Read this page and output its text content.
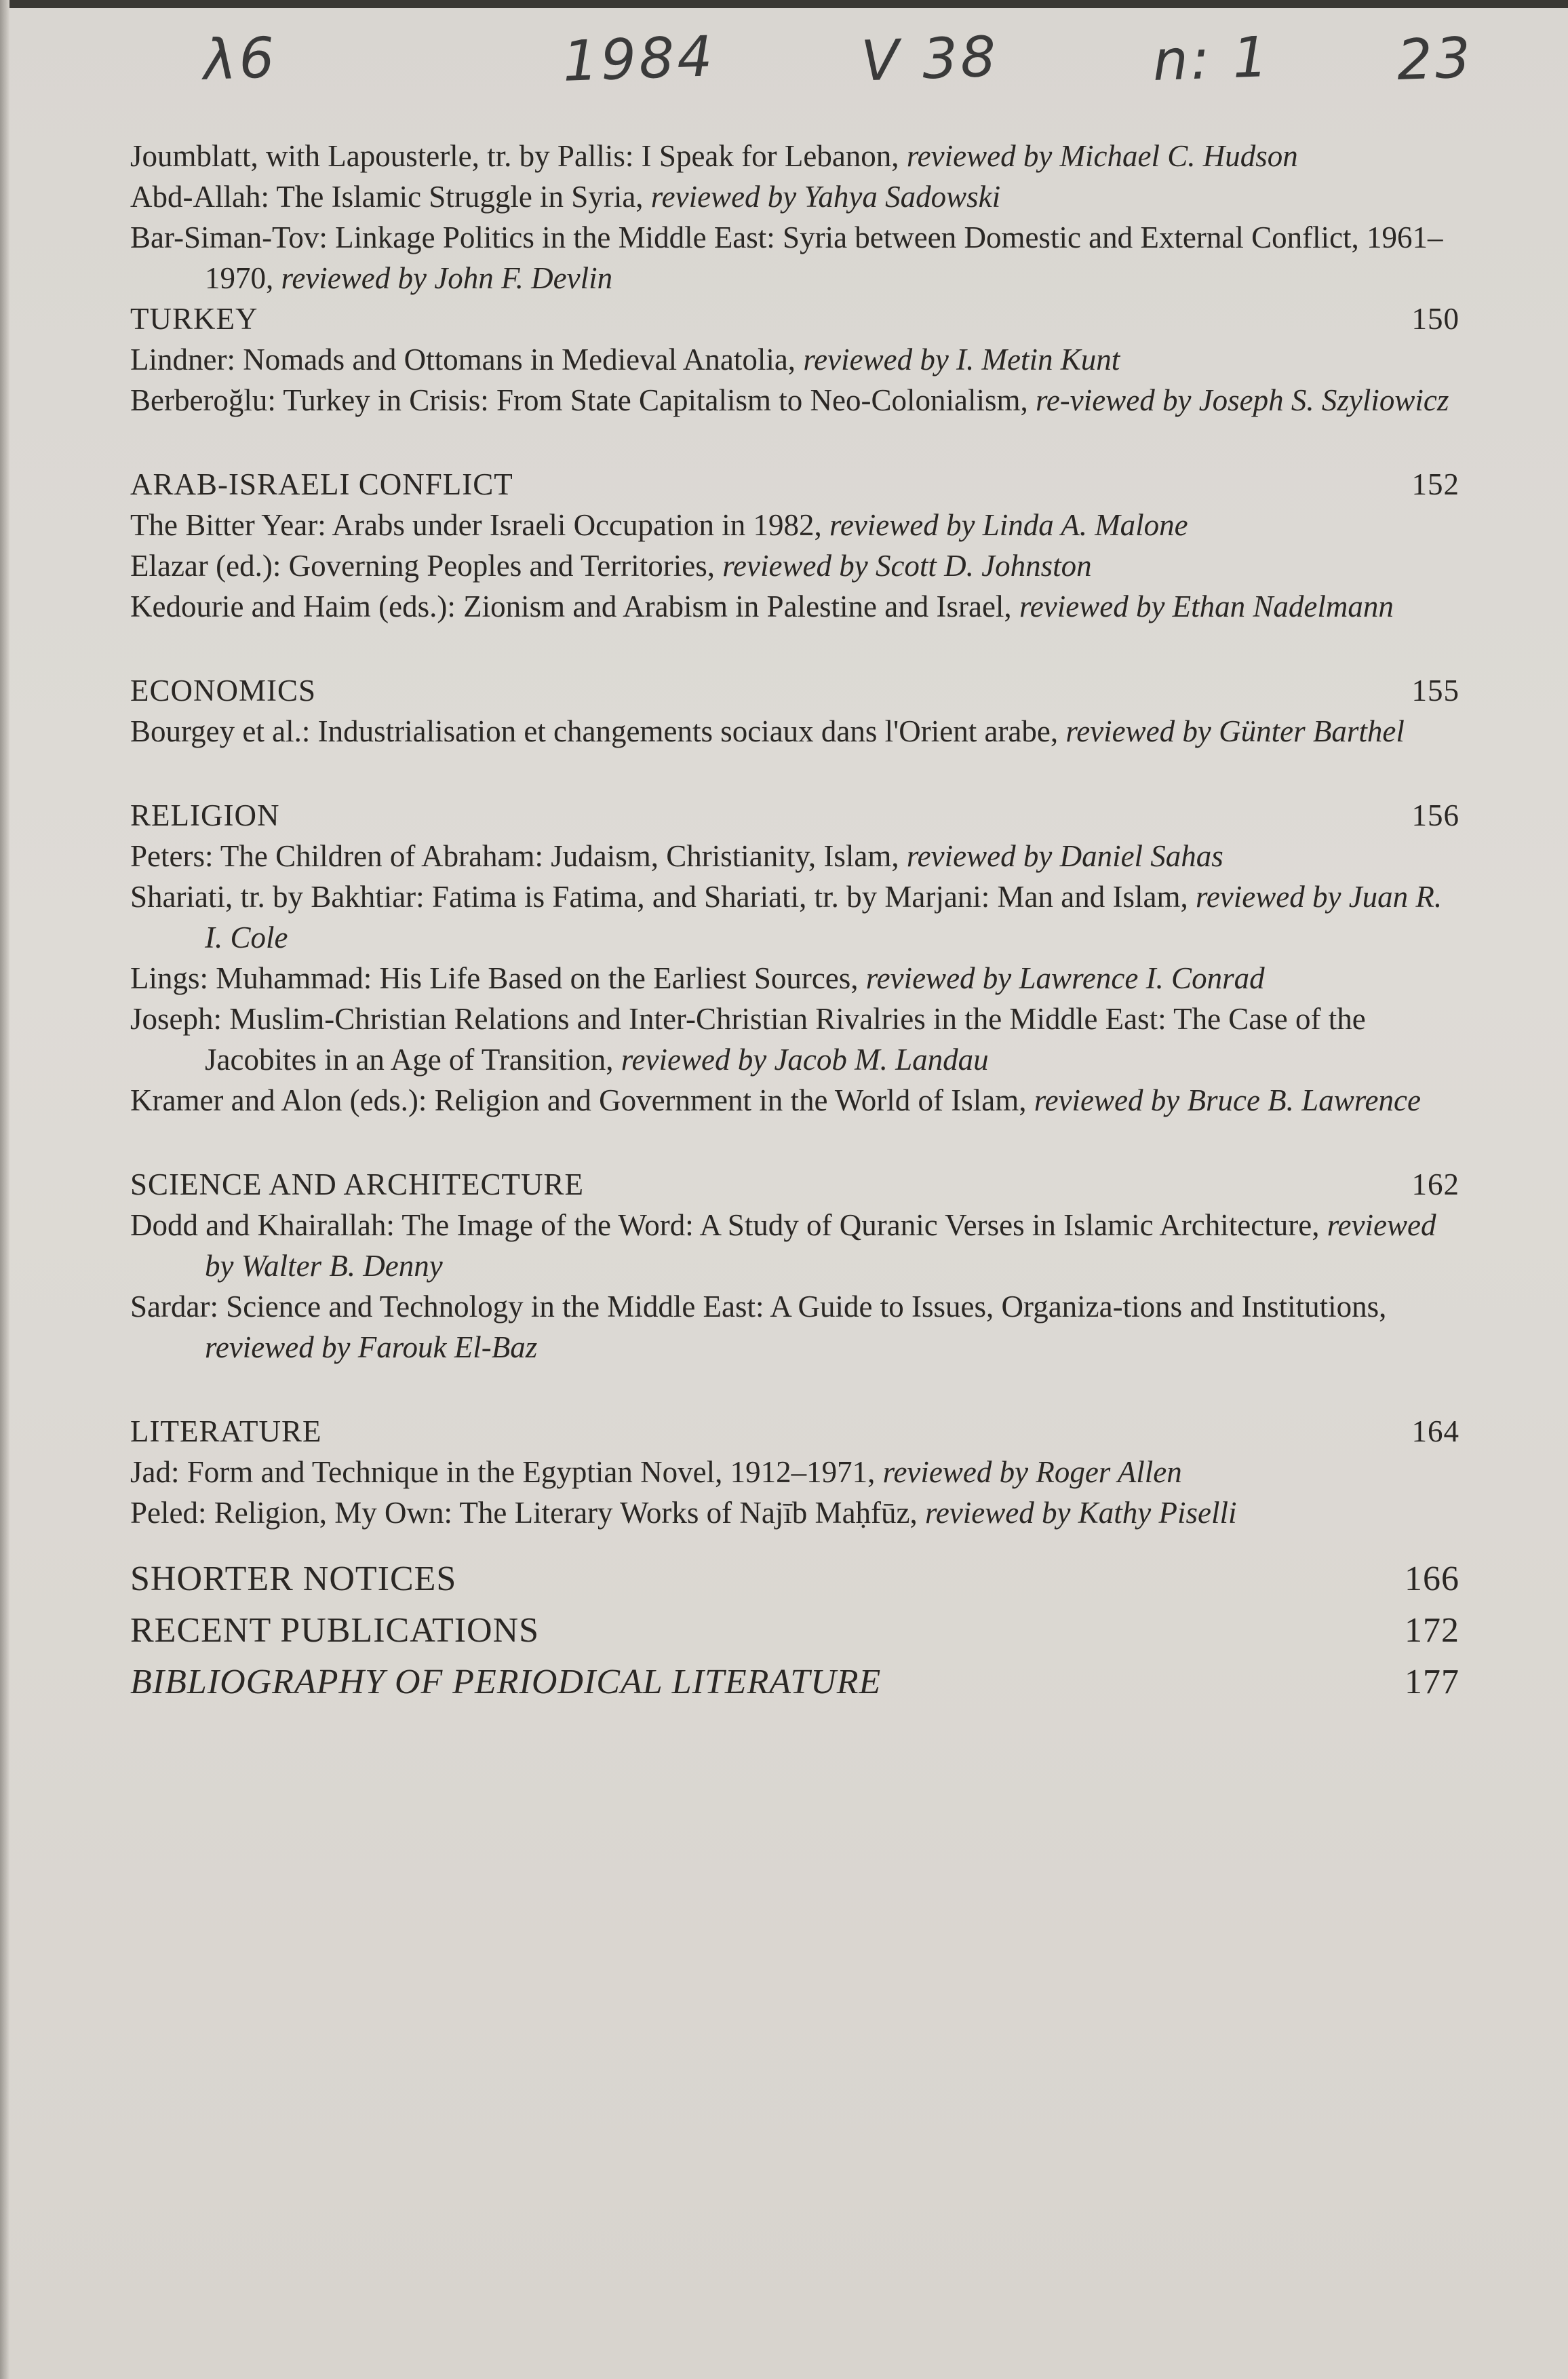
λ6	1984	V 38	n: 1 23

Joumblatt, with Lapousterle, tr. by Pallis: I Speak for Lebanon, reviewed by Michael C. Hudson

Abd-Allah: The Islamic Struggle in Syria, reviewed by Yahya Sadowski

Bar-Siman-Tov: Linkage Politics in the Middle East: Syria between Domestic and External Conflict, 1961–1970, reviewed by John F. Devlin

TURKEY	150

Lindner: Nomads and Ottomans in Medieval Anatolia, reviewed by I. Metin Kunt

Berberoğlu: Turkey in Crisis: From State Capitalism to Neo-Colonialism, re-viewed by Joseph S. Szyliowicz

ARAB-ISRAELI CONFLICT	152

The Bitter Year: Arabs under Israeli Occupation in 1982, reviewed by Linda A. Malone

Elazar (ed.): Governing Peoples and Territories, reviewed by Scott D. Johnston

Kedourie and Haim (eds.): Zionism and Arabism in Palestine and Israel, reviewed by Ethan Nadelmann

ECONOMICS	155

Bourgey et al.: Industrialisation et changements sociaux dans l'Orient arabe, reviewed by Günter Barthel

RELIGION	156

Peters: The Children of Abraham: Judaism, Christianity, Islam, reviewed by Daniel Sahas

Shariati, tr. by Bakhtiar: Fatima is Fatima, and Shariati, tr. by Marjani: Man and Islam, reviewed by Juan R. I. Cole

Lings: Muhammad: His Life Based on the Earliest Sources, reviewed by Lawrence I. Conrad

Joseph: Muslim-Christian Relations and Inter-Christian Rivalries in the Middle East: The Case of the Jacobites in an Age of Transition, reviewed by Jacob M. Landau

Kramer and Alon (eds.): Religion and Government in the World of Islam, reviewed by Bruce B. Lawrence

SCIENCE AND ARCHITECTURE	162

Dodd and Khairallah: The Image of the Word: A Study of Quranic Verses in Islamic Architecture, reviewed by Walter B. Denny

Sardar: Science and Technology in the Middle East: A Guide to Issues, Organiza-tions and Institutions, reviewed by Farouk El-Baz

LITERATURE	164

Jad: Form and Technique in the Egyptian Novel, 1912–1971, reviewed by Roger Allen

Peled: Religion, My Own: The Literary Works of Najīb Maḥfūz, reviewed by Kathy Piselli

SHORTER NOTICES	166
RECENT PUBLICATIONS	172
BIBLIOGRAPHY OF PERIODICAL LITERATURE	177
